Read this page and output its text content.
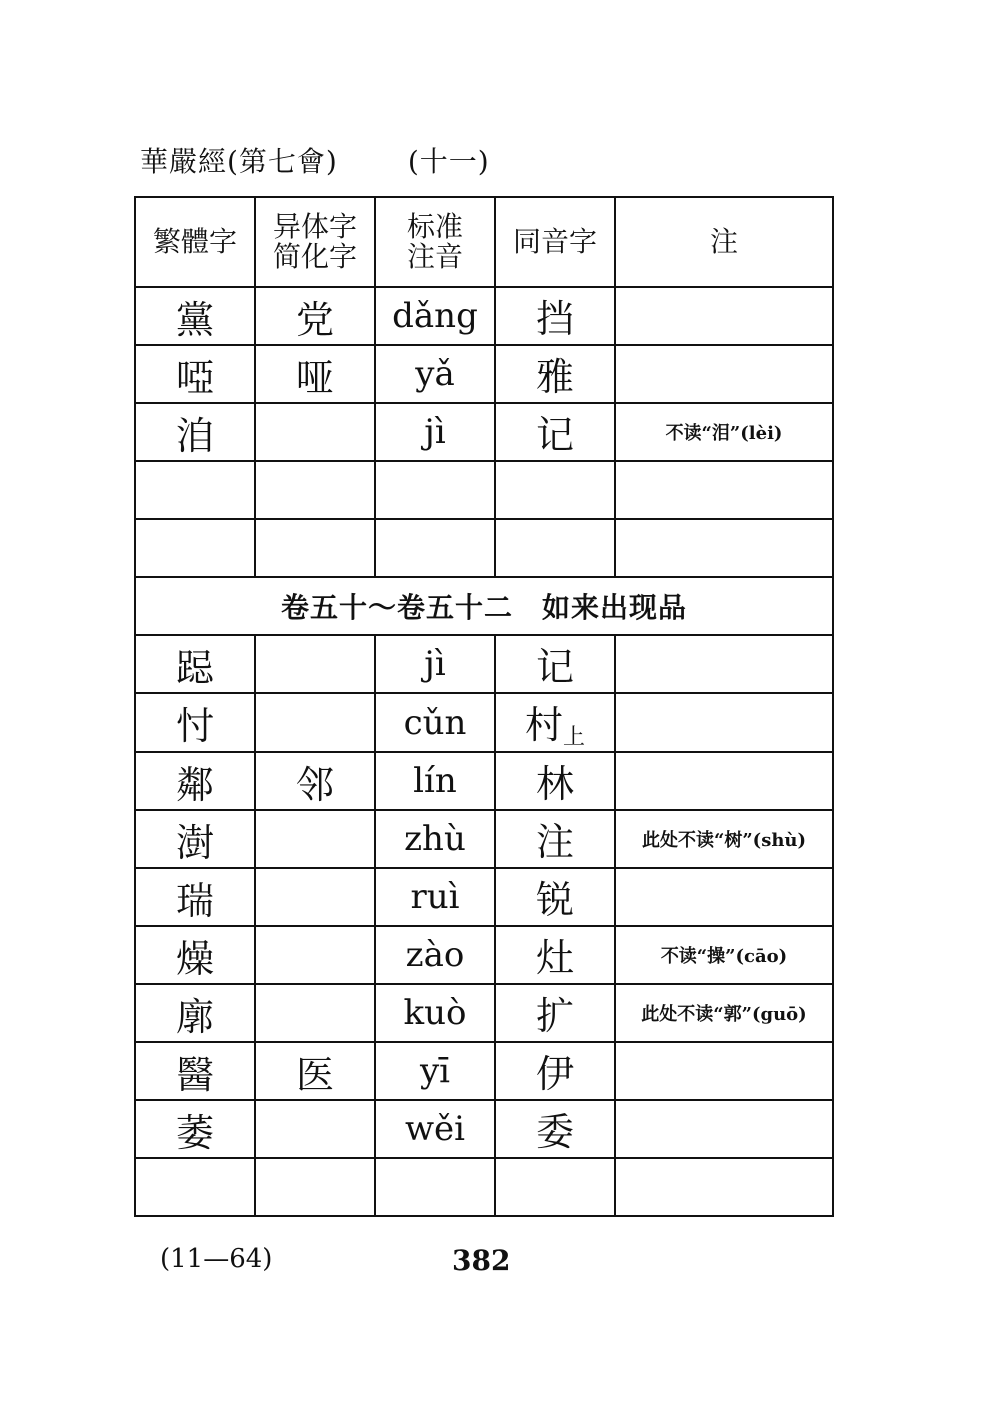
華嚴經(第七會)	(十一)
繁體字	异体字 简化字	标准 注音	同音字	注
黨	党	dǎng	挡	
啞	哑	yǎ	雅	
洎		jì	记	不读“泪”(lèi)

卷五十～卷五十二　如来出现品				
跽		jì	记	
忖		cǔn	村上	
鄰	邻	lín	林	
澍		zhù	注	此处不读“树”(shù)
瑞		ruì	锐	
燥		zào	灶	不读“操”(cāo)
廓		kuò	扩	此处不读“郭”(guō)
醫	医	yī	伊	
萎		wěi	委	

(11—64)	382
